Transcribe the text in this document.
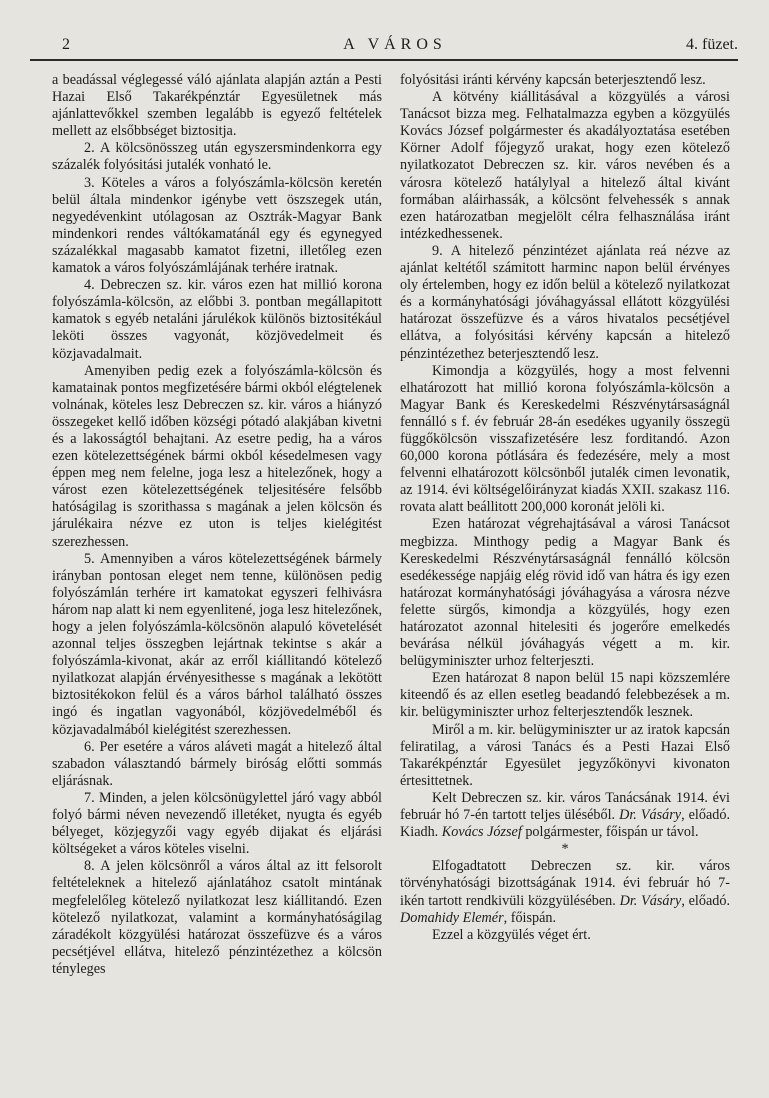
2	A VÁROS	4. füzet.

a beadással véglegessé váló ajánlata alapján aztán a Pesti Hazai Első Takarékpénztár Egyesületnek más ajánlattevőkkel szemben legalább is egyező feltételek mellett az elsőbbséget biztositja.

2. A kölcsönösszeg után egyszersmindenkorra egy százalék folyósitási jutalék vonható le.

3. Köteles a város a folyószámla-kölcsön keretén belül általa mindenkor igénybe vett öszszegek után, negyedévenkint utólagosan az Osztrák-Magyar Bank mindenkori rendes váltókamatánál egy és egynegyed százalékkal magasabb kamatot fizetni, illetőleg ezen kamatok a város folyószámlájának terhére iratnak.

4. Debreczen sz. kir. város ezen hat millió korona folyószámla-kölcsön, az előbbi 3. pontban megállapitott kamatok s egyéb netaláni járulékok különös biztositékául leköti összes vagyonát, közjövedelmeit és közjavadalmait.

Amenyiben pedig ezek a folyószámla-kölcsön és kamatainak pontos megfizetésére bármi okból elégtelenek volnának, köteles lesz Debreczen sz. kir. város a hiányzó összegeket kellő időben községi pótadó alakjában kivetni és a lakosságtól behajtani. Az esetre pedig, ha a város ezen kötelezettségének bármi okból késedelmesen vagy éppen meg nem felelne, joga lesz a hitelezőnek, hogy a várost ezen kötelezettségének teljesitésére felsőbb hatóságilag is szorithassa s magának a jelen kölcsön és járulékaira nézve ez uton is teljes kielégitést szerezhessen.

5. Amennyiben a város kötelezettségének bármely irányban pontosan eleget nem tenne, különösen pedig folyószámlán terhére irt kamatokat egyszeri felhivásra három nap alatt ki nem egyenlitené, joga lesz hitelezőnek, hogy a jelen folyószámla-kölcsönön alapuló követelését azonnal teljes összegben lejártnak tekintse s akár a folyószámla-kivonat, akár az erről kiállitandó kötelező nyilatkozat alapján érvényesithesse s magának a lekötött biztositékokon felül és a város bárhol található összes ingó és ingatlan vagyonából, közjövedelméből és közjavadalmából kielégitést szerezhessen.

6. Per esetére a város aláveti magát a hitelező által szabadon választandó bármely biróság előtti sommás eljárásnak.

7. Minden, a jelen kölcsönügylettel járó vagy abból folyó bármi néven nevezendő illetéket, nyugta és egyéb bélyeget, közjegyzői vagy egyéb dijakat és eljárási költségeket a város köteles viselni.

8. A jelen kölcsönről a város által az itt felsorolt feltételeknek a hitelező ajánlatához csatolt mintának megfelelőleg kötelező nyilatkozat lesz kiállitandó. Ezen kötelező nyilatkozat, valamint a kormányhatóságilag záradékolt közgyülési határozat összefüzve és a város pecsétjével ellátva, hitelező pénzintézethez a kölcsön tényleges

folyósitási iránti kérvény kapcsán beterjesztendő lesz.

A kötvény kiállitásával a közgyülés a városi Tanácsot bizza meg. Felhatalmazza egyben a közgyülés Kovács József polgármester és akadályoztatása esetében Körner Adolf főjegyző urakat, hogy ezen kötelező nyilatkozatot Debreczen sz. kir. város nevében és a városra kötelező hatálylyal a hitelező által kivánt formában aláirhassák, a kölcsönt felvehessék s annak ezen határozatban megjelölt célra felhasználása iránt intézkedhessenek.

9. A hitelező pénzintézet ajánlata reá nézve az ajánlat keltétől számitott harminc napon belül érvényes oly értelemben, hogy ez időn belül a kötelező nyilatkozat és a kormányhatósági jóváhagyással ellátott közgyülési határozat összefüzve és a város hivatalos pecsétjével ellátva, a folyósitási kérvény kapcsán a hitelező pénzintézethez beterjesztendő lesz.

Kimondja a közgyülés, hogy a most felvenni elhatározott hat millió korona folyószámla-kölcsön a Magyar Bank és Kereskedelmi Részvénytársaságnál fennálló s f. év február 28-án esedékes ugyanily összegü függőkölcsön visszafizetésére lesz forditandó. Azon 60,000 korona pótlására és fedezésére, mely a most felvenni elhatározott kölcsönből jutalék cimen levonatik, az 1914. évi költségelőirányzat kiadás XXII. szakasz 116. rovata alatt beállitott 200,000 koronát jelöli ki.

Ezen határozat végrehajtásával a városi Tanácsot megbizza. Minthogy pedig a Magyar Bank és Kereskedelmi Részvénytársaságnál fennálló kölcsön esedékessége napjáig elég rövid idő van hátra és igy ezen határozat kormányhatósági jóváhagyása a városra nézve felette sürgős, kimondja a közgyülés, hogy ezen határozatot azonnal hitelesiti és jogerőre emelkedés bevárása nélkül jóváhagyás végett a m. kir. belügyminiszter urhoz felterjeszti.

Ezen határozat 8 napon belül 15 napi közszemlére kiteendő és az ellen esetleg beadandó felebbezések a m. kir. belügyminiszter urhoz felterjesztendők lesznek.

Miről a m. kir. belügyminiszter ur az iratok kapcsán feliratilag, a városi Tanács és a Pesti Hazai Első Takarékpénztár Egyesület jegyzőkönyvi kivonaton értesittetnek.

Kelt Debreczen sz. kir. város Tanácsának 1914. évi február hó 7-én tartott teljes üléséből. Dr. Vásáry, előadó. Kiadh. Kovács József polgármester, főispán ur távol.

*

Elfogadtatott Debreczen sz. kir. város törvényhatósági bizottságának 1914. évi február hó 7-ikén tartott rendkivüli közgyülésében. Dr. Vásáry, előadó. Domahidy Elemér, főispán.

Ezzel a közgyülés véget ért.
